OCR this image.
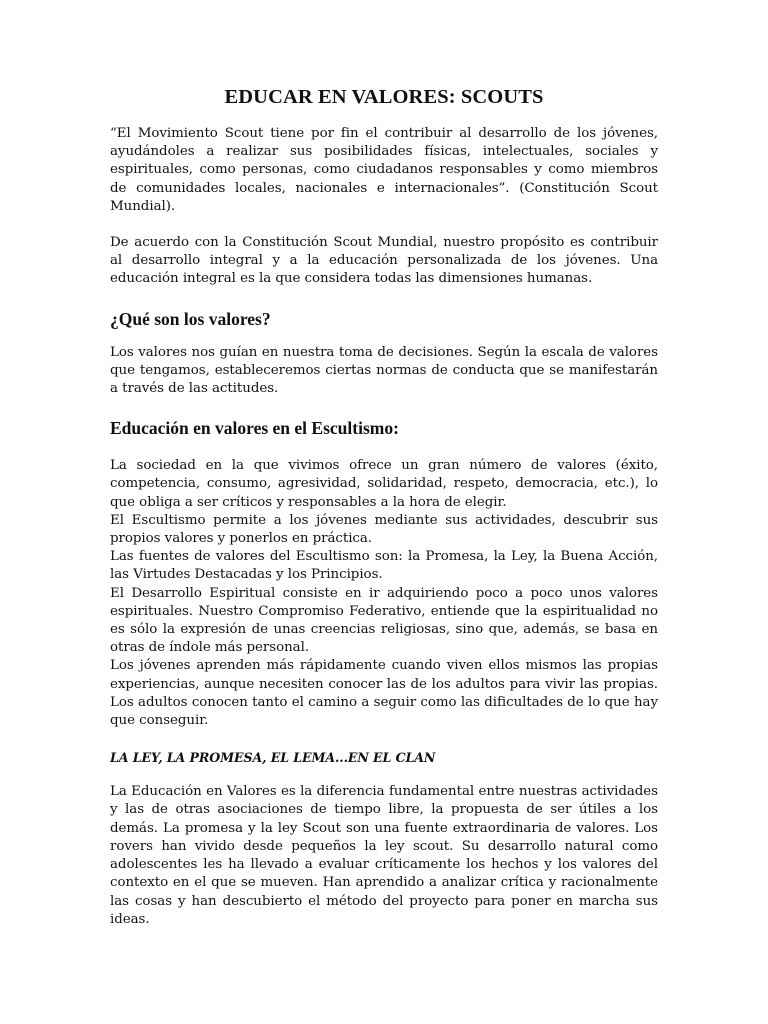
EDUCAR EN VALORES: SCOUTS

“El Movimiento Scout tiene por fin el contribuir al desarrollo de los jóvenes, ayudándoles a realizar sus posibilidades físicas, intelectuales, sociales y espirituales, como personas, como ciudadanos responsables y como miembros de comunidades locales, nacionales e internacionales”. (Constitución Scout Mundial).

De acuerdo con la Constitución Scout Mundial, nuestro propósito es contribuir al desarrollo integral y a la educación personalizada de los jóvenes. Una educación integral es la que considera todas las dimensiones humanas.

¿Qué son los valores?

Los valores nos guían en nuestra toma de decisiones. Según la escala de valores que tengamos, estableceremos ciertas normas de conducta que se manifestarán a través de las actitudes.

Educación en valores en el Escultismo:

La sociedad en la que vivimos ofrece un gran número de valores (éxito, competencia, consumo, agresividad, solidaridad, respeto, democracia, etc.), lo que obliga a ser críticos y responsables a la hora de elegir.

El Escultismo permite a los jóvenes mediante sus actividades, descubrir sus propios valores y ponerlos en práctica.

Las fuentes de valores del Escultismo son: la Promesa, la Ley, la Buena Acción, las Virtudes Destacadas y los Principios.

El Desarrollo Espiritual consiste en ir adquiriendo poco a poco unos valores espirituales. Nuestro Compromiso Federativo, entiende que la espiritualidad no es sólo la expresión de unas creencias religiosas, sino que, además, se basa en otras de índole más personal.

Los jóvenes aprenden más rápidamente cuando viven ellos mismos las propias experiencias, aunque necesiten conocer las de los adultos para vivir las propias. Los adultos conocen tanto el camino a seguir como las dificultades de lo que hay que conseguir.

LA LEY, LA PROMESA, EL LEMA...EN EL CLAN

La Educación en Valores es la diferencia fundamental entre nuestras actividades y las de otras asociaciones de tiempo libre, la propuesta de ser útiles a los demás. La promesa y la ley Scout son una fuente extraordinaria de valores. Los rovers han vivido desde pequeños la ley scout. Su desarrollo natural como adolescentes les ha llevado a evaluar críticamente los hechos y los valores del contexto en el que se mueven. Han aprendido a analizar crítica y racionalmente las cosas y han descubierto el método del proyecto para poner en marcha sus ideas.
